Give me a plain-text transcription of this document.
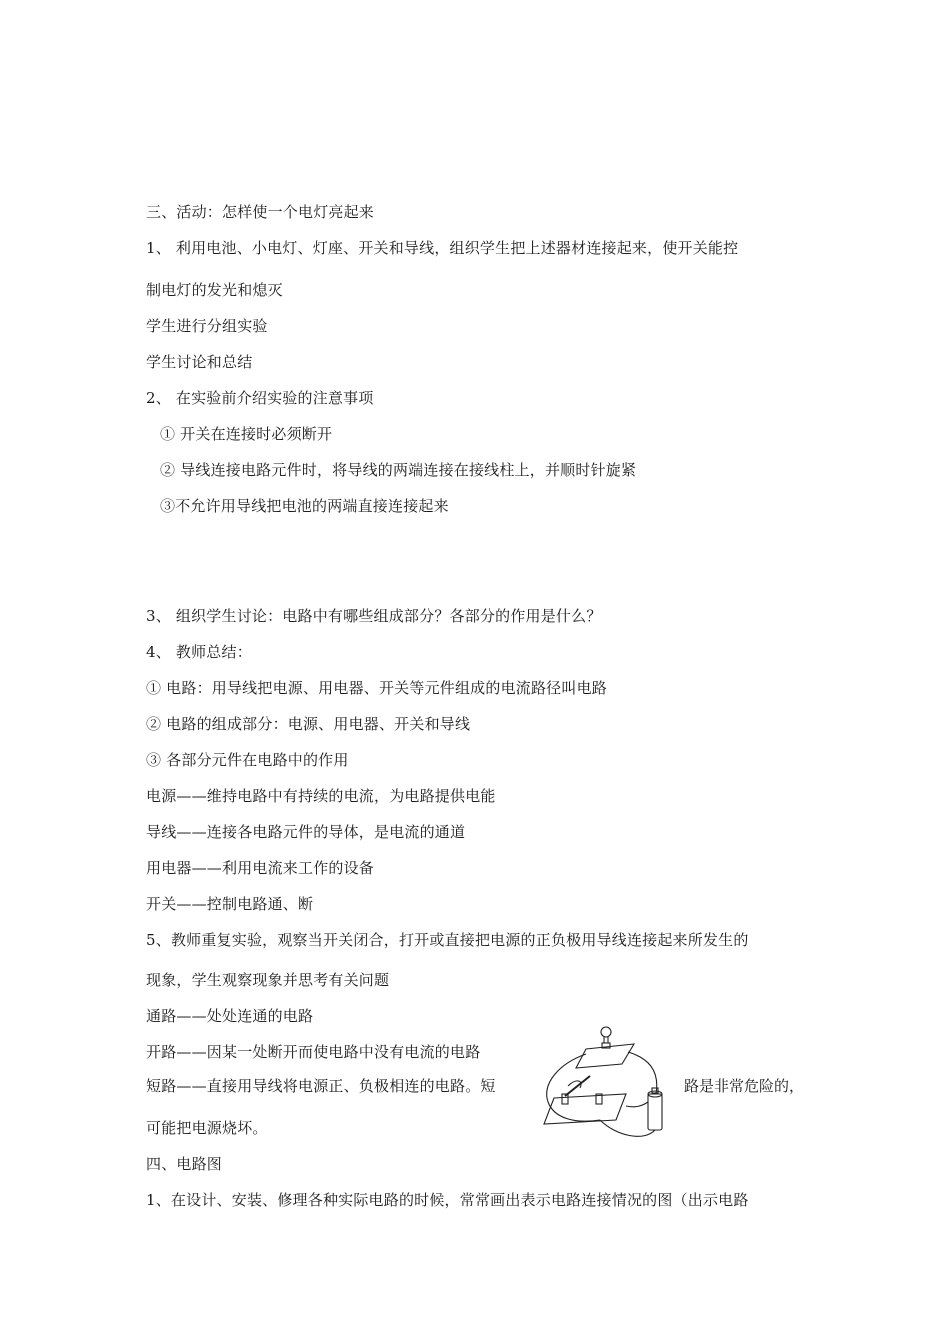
三、活动：怎样使一个电灯亮起来
1、 利用电池、小电灯、灯座、开关和导线，组织学生把上述器材连接起来，使开关能控
制电灯的发光和熄灭
学生进行分组实验
学生讨论和总结
2、 在实验前介绍实验的注意事项
① 开关在连接时必须断开
② 导线连接电路元件时，将导线的两端连接在接线柱上，并顺时针旋紧
③不允许用导线把电池的两端直接连接起来
3、 组织学生讨论：电路中有哪些组成部分？各部分的作用是什么？
4、 教师总结：
① 电路：用导线把电源、用电器、开关等元件组成的电流路径叫电路
② 电路的组成部分：电源、用电器、开关和导线
③ 各部分元件在电路中的作用
电源——维持电路中有持续的电流，为电路提供电能
导线——连接各电路元件的导体，是电流的通道
用电器——利用电流来工作的设备
开关——控制电路通、断
5、教师重复实验，观察当开关闭合，打开或直接把电源的正负极用导线连接起来所发生的
现象，学生观察现象并思考有关问题
通路——处处连通的电路
开路——因某一处断开而使电路中没有电流的电路
短路——直接用导线将电源正、负极相连的电路。短	路是非常危险的，
可能把电源烧坏。
四、电路图
1、在设计、安装、修理各种实际电路的时候，常常画出表示电路连接情况的图（出示电路
